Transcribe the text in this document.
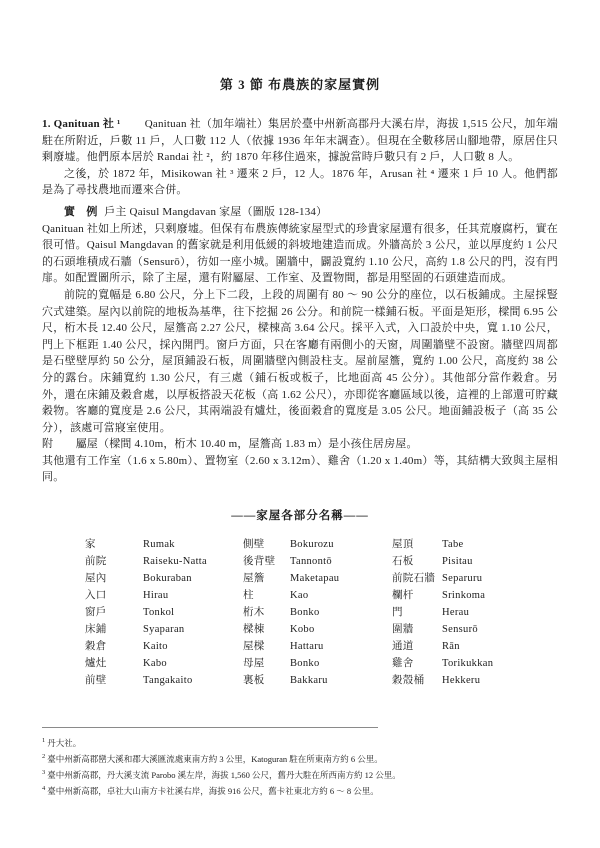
第 3 節 布農族的家屋實例

1. Qanituan 社 ¹ Qanituan 社（加年端社）集居於臺中州新高郡丹大溪右岸，海拔 1,515 公尺，加年端駐在所附近，戶數 11 戶，人口數 112 人（依據 1936 年年末調查）。但現在全數移居山腳地帶，原居住只剩廢墟。他們原本居於 Randai 社 ²，約 1870 年移住過來，據說當時戶數只有 2 戶，人口數 8 人。

之後，於 1872 年，Misikowan 社 ³ 遷來 2 戶，12 人。1876 年，Arusan 社 ⁴ 遷來 1 戶 10 人。他們都是為了尋找農地而遷來合併。

實　例 戶主 Qaisul Mangdavan 家屋（圖版 128-134）

Qanituan 社如上所述，只剩廢墟。但保有布農族傳統家屋型式的珍貴家屋還有很多，任其荒廢腐朽，實在很可惜。Qaisul Mangdavan 的舊家就是利用低緩的斜坡地建造而成。外牆高於 3 公尺，並以厚度約 1 公尺的石頭堆積成石牆（Sensurō），彷如一座小城。圍牆中，闢設寬約 1.10 公尺，高約 1.8 公尺的門，沒有門扉。如配置圖所示，除了主屋，還有附屬屋、工作室、及置物間，都是用堅固的石頭建造而成。

前院的寬幅是 6.80 公尺，分上下二段，上段的周圍有 80 ～ 90 公分的座位，以石板鋪成。主屋採豎穴式建築。屋內以前院的地板為基準，往下挖掘 26 公分。和前院一樣鋪石板。平面是矩形，樑間 6.95 公尺，桁木長 12.40 公尺，屋簷高 2.27 公尺，樑棟高 3.64 公尺。採平入式，入口設於中央，寬 1.10 公尺，門上下框距 1.40 公尺，採內開門。窗戶方面，只在客廳有兩側小的天窗，周圍牆壁不設窗。牆壁四周都是石壁壁厚約 50 公分，屋頂鋪設石板，周圍牆壁內側設柱支。屋前屋簷，寬約 1.00 公尺，高度約 38 公分的露台。床鋪寬約 1.30 公尺，有三處（鋪石板或板子，比地面高 45 公分）。其他部分當作穀倉。另外，還在床鋪及穀倉處，以厚板搭設天花板（高 1.62 公尺），亦即從客廳區域以後，這裡的上部還可貯藏穀物。客廳的寬度是 2.6 公尺，其兩端設有爐灶，後面穀倉的寬度是 3.05 公尺。地面鋪設板子（高 35 公分），該處可當寢室使用。

附　　屬屋（樑間 4.10m，桁木 10.40 m，屋簷高 1.83 m）是小孩住居房屋。

其他還有工作室（1.6 x 5.80m）、置物室（2.60 x 3.12m）、雞舍（1.20 x 1.40m）等，其結構大致與主屋相同。

——家屋各部分名稱——
家	Rumak	側壁	Bokurozu	屋頂	Tabe
前院	Raiseku-Natta	後背壁	Tannontō	石板	Pisitau
屋內	Bokuraban	屋簷	Maketapau	前院石牆 Separuru
入口	Hirau	柱	Kao	欄杆	Srinkoma
窗戶	Tonkol	桁木	Bonko	門	Herau
床鋪	Syaparan	樑棟	Kobo	圍牆	Sensurō
穀倉	Kaito	屋樑	Hattaru	通道	Rān
爐灶	Kabo	母屋	Bonko	雞舍	Torikukkan
前壁	Tangakaito	裏板	Bakkaru	穀殼桶	Hekkeru
$^1$ 丹大社。
$^2$ 臺中州新高郡巒大溪和郡大溪匯流處東南方約 3 公里，Katoguran 駐在所東南方約 6 公里。
$^3$ 臺中州新高郡，丹大溪支流 Parobo 溪左岸，海拔 1,560 公尺，舊丹大駐在所西南方約 12 公里。
$^4$ 臺中州新高郡，卓社大山南方卡社溪右岸，海拔 916 公尺，舊卡社東北方約 6 ～ 8 公里。
